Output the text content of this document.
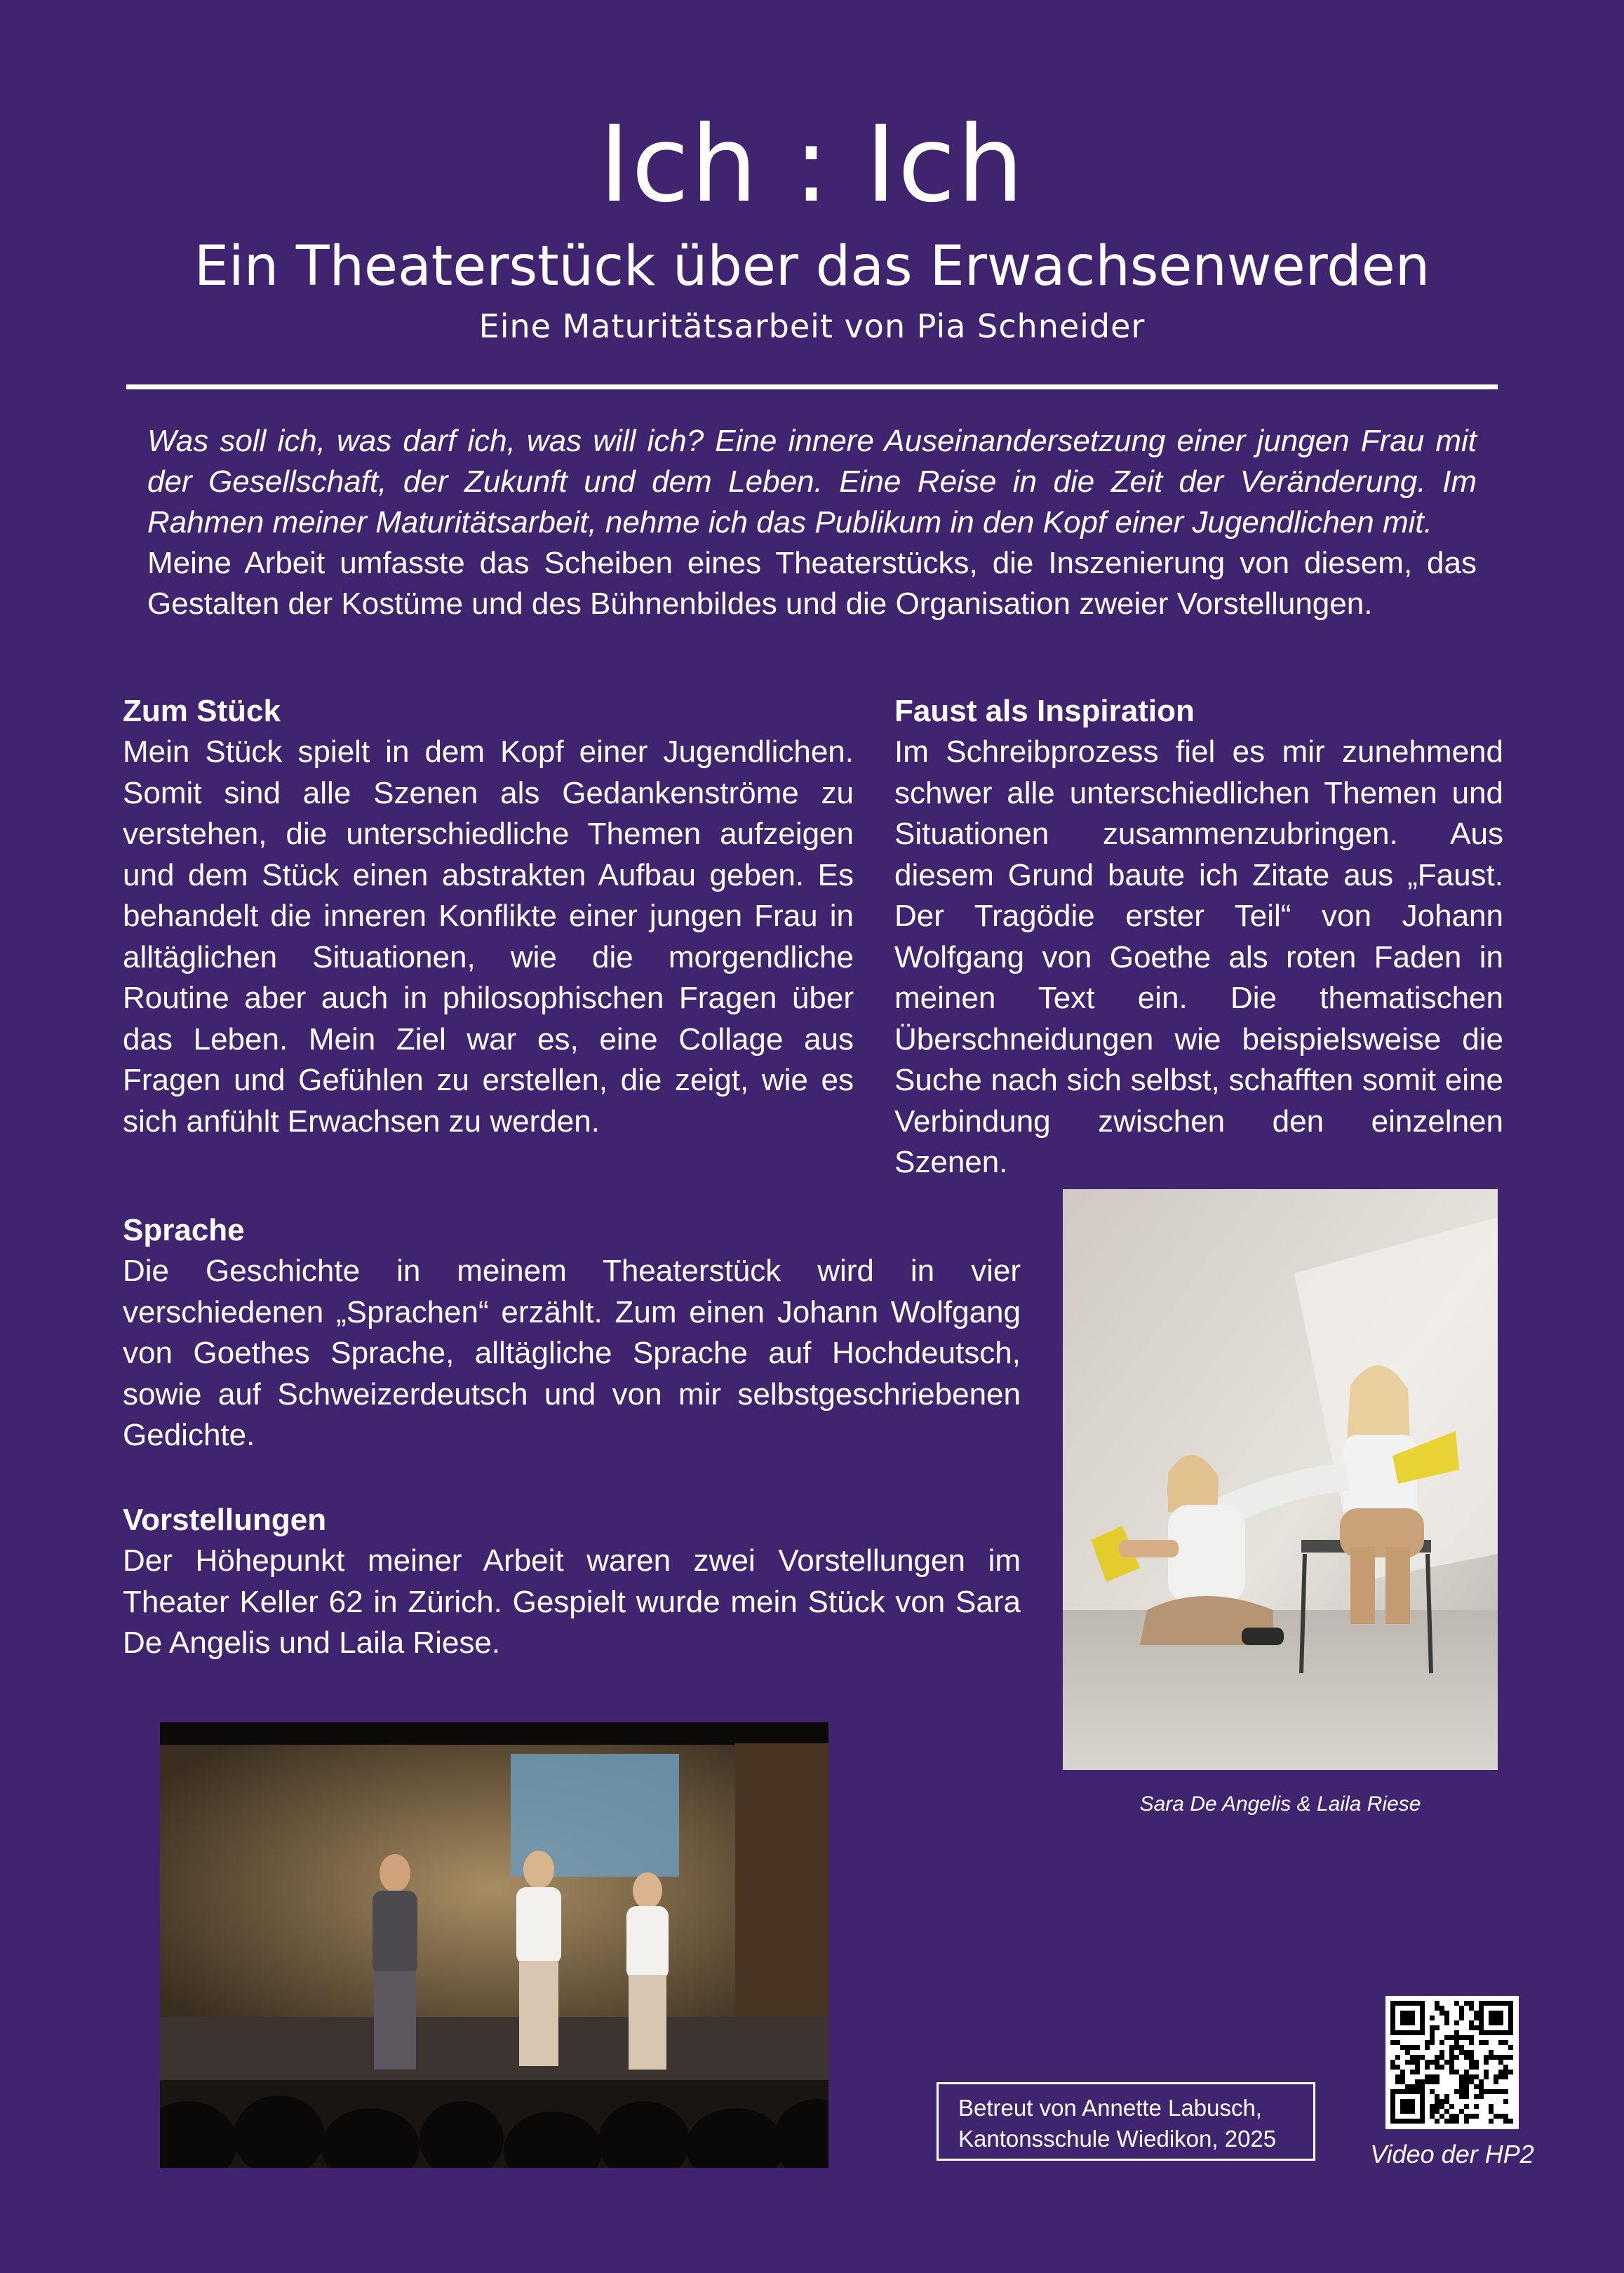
Ich : Ich
Ein Theaterstück über das Erwachsenwerden
Eine Maturitätsarbeit von Pia Schneider

Was soll ich, was darf ich, was will ich? Eine innere Auseinandersetzung einer jungen Frau mit der Gesellschaft, der Zukunft und dem Leben. Eine Reise in die Zeit der Veränderung. Im Rahmen meiner Maturitätsarbeit, nehme ich das Publikum in den Kopf einer Jugendlichen mit.

Meine Arbeit umfasste das Scheiben eines Theaterstücks, die Inszenierung von diesem, das Gestalten der Kostüme und des Bühnenbildes und die Organisation zweier Vorstellungen.

Zum Stück
Mein Stück spielt in dem Kopf einer Jugendlichen. Somit sind alle Szenen als Gedankenströme zu verstehen, die unterschiedliche Themen aufzeigen und dem Stück einen abstrakten Aufbau geben. Es behandelt die inneren Konflikte einer jungen Frau in alltäglichen Situationen, wie die morgendliche Routine aber auch in philosophischen Fragen über das Leben. Mein Ziel war es, eine Collage aus Fragen und Gefühlen zu erstellen, die zeigt, wie es sich anfühlt Erwachsen zu werden.
Faust als Inspiration
Im Schreibprozess fiel es mir zunehmend schwer alle unterschiedlichen Themen und Situationen zusammenzubringen. Aus diesem Grund baute ich Zitate aus „Faust. Der Tragödie erster Teil“ von Johann Wolfgang von Goethe als roten Faden in meinen Text ein. Die thematischen Überschneidungen wie beispielsweise die Suche nach sich selbst, schafften somit eine Verbindung zwischen den einzelnen Szenen.
Sprache
Die Geschichte in meinem Theaterstück wird in vier verschiedenen „Sprachen“ erzählt. Zum einen Johann Wolfgang von Goethes Sprache, alltägliche Sprache auf Hochdeutsch, sowie auf Schweizerdeutsch und von mir selbstgeschriebenen Gedichte.
Vorstellungen
Der Höhepunkt meiner Arbeit waren zwei Vorstellungen im Theater Keller 62 in Zürich. Gespielt wurde mein Stück von Sara De Angelis und Laila Riese.
Sara De Angelis & Laila Riese
Betreut von Annette Labusch,
Kantonsschule Wiedikon, 2025
Video der HP2
